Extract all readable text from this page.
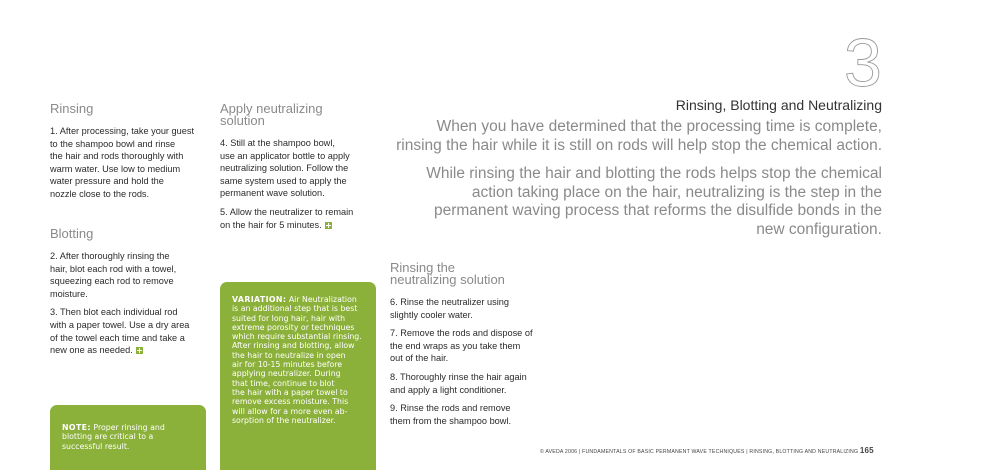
3
Rinsing, Blotting and Neutralizing

When you have determined that the processing time is complete,
rinsing the hair while it is still on rods will help stop the chemical action.

While rinsing the hair and blotting the rods helps stop the chemical
action taking place on the hair, neutralizing is the step in the
permanent waving process that reforms the disulfide bonds in the
new configuration.

Rinsing

1. After processing, take your guest
to the shampoo bowl and rinse
the hair and rods thoroughly with
warm water. Use low to medium
water pressure and hold the
nozzle close to the rods.

Blotting

2. After thoroughly rinsing the
hair, blot each rod with a towel,
squeezing each rod to remove
moisture.

3. Then blot each individual rod
with a paper towel. Use a dry area
of the towel each time and take a
new one as needed.

NOTE: Proper rinsing and
blotting are critical to a
successful result.

Apply neutralizing
solution

4. Still at the shampoo bowl,
use an applicator bottle to apply
neutralizing solution. Follow the
same system used to apply the
permanent wave solution.

5. Allow the neutralizer to remain
on the hair for 5 minutes.

VARIATION: Air Neutralization
is an additional step that is best
suited for long hair, hair with
extreme porosity or techniques
which require substantial rinsing.
After rinsing and blotting, allow
the hair to neutralize in open
air for 10-15 minutes before
applying neutralizer. During
that time, continue to blot
the hair with a paper towel to
remove excess moisture. This
will allow for a more even ab-
sorption of the neutralizer.

Rinsing the
neutralizing solution

6. Rinse the neutralizer using
slightly cooler water.

7. Remove the rods and dispose of
the end wraps as you take them
out of the hair.

8. Thoroughly rinse the hair again
and apply a light conditioner.

9. Rinse the rods and remove
them from the shampoo bowl.

© AVEDA 2006 | FUNDAMENTALS OF BASIC PERMANENT WAVE TECHNIQUES | RINSING, BLOTTING AND NEUTRALIZING 165
